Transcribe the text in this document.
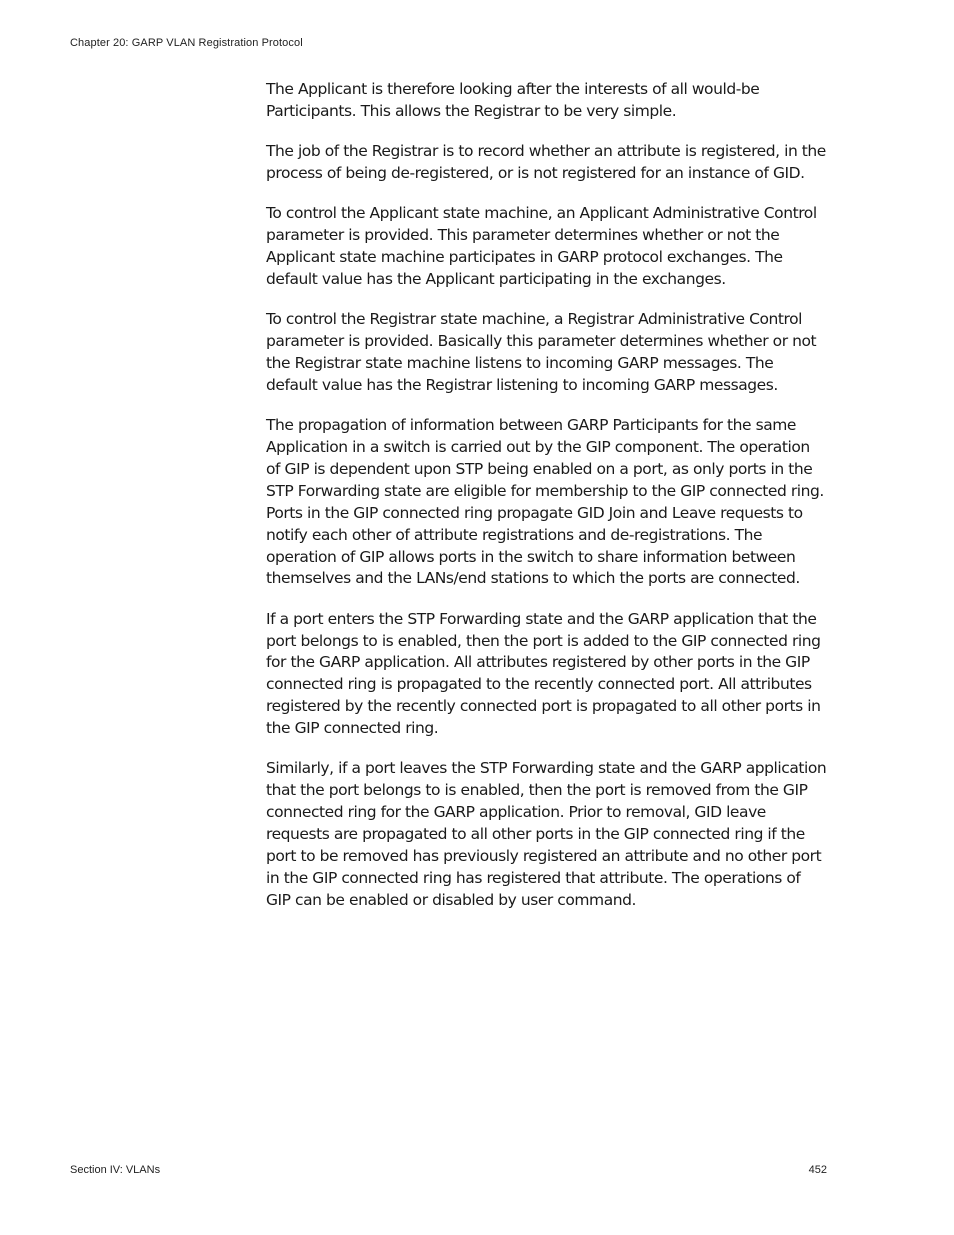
Chapter 20: GARP VLAN Registration Protocol

The Applicant is therefore looking after the interests of all would-be Participants. This allows the Registrar to be very simple.

The job of the Registrar is to record whether an attribute is registered, in the process of being de-registered, or is not registered for an instance of GID.

To control the Applicant state machine, an Applicant Administrative Control parameter is provided. This parameter determines whether or not the Applicant state machine participates in GARP protocol exchanges. The default value has the Applicant participating in the exchanges.

To control the Registrar state machine, a Registrar Administrative Control parameter is provided. Basically this parameter determines whether or not the Registrar state machine listens to incoming GARP messages. The default value has the Registrar listening to incoming GARP messages.

The propagation of information between GARP Participants for the same Application in a switch is carried out by the GIP component. The operation of GIP is dependent upon STP being enabled on a port, as only ports in the STP Forwarding state are eligible for membership to the GIP connected ring. Ports in the GIP connected ring propagate GID Join and Leave requests to notify each other of attribute registrations and de-registrations. The operation of GIP allows ports in the switch to share information between themselves and the LANs/end stations to which the ports are connected.

If a port enters the STP Forwarding state and the GARP application that the port belongs to is enabled, then the port is added to the GIP connected ring for the GARP application. All attributes registered by other ports in the GIP connected ring is propagated to the recently connected port. All attributes registered by the recently connected port is propagated to all other ports in the GIP connected ring.

Similarly, if a port leaves the STP Forwarding state and the GARP application that the port belongs to is enabled, then the port is removed from the GIP connected ring for the GARP application. Prior to removal, GID leave requests are propagated to all other ports in the GIP connected ring if the port to be removed has previously registered an attribute and no other port in the GIP connected ring has registered that attribute. The operations of GIP can be enabled or disabled by user command.

Section IV: VLANs	452
